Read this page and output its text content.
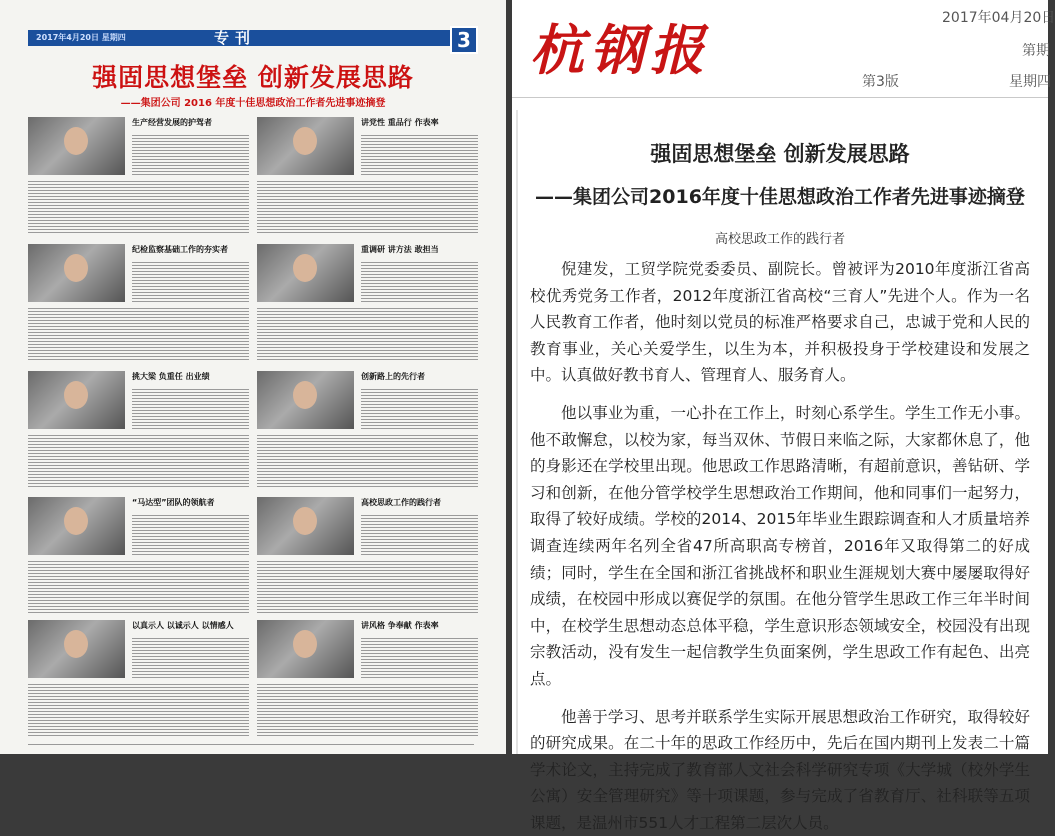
2017年4月20日 星期四	专刊	3
强固思想堡垒 创新发展思路
——集团公司 2016 年度十佳思想政治工作者先进事迹摘登
生产经营发展的护驾者	讲党性 重品行 作表率
纪检监察基础工作的夯实者	重调研 讲方法 敢担当
挑大梁 负重任 出业绩	创新路上的先行者
“马达型”团队的领航者	高校思政工作的践行者
以真示人 以诚示人 以情感人	讲风格 争奉献 作表率
杭钢报	2017年04月20日
第期
第3版	星期四
强固思想堡垒 创新发展思路
——集团公司2016年度十佳思想政治工作者先进事迹摘登
高校思政工作的践行者

倪建发，工贸学院党委委员、副院长。曾被评为2010年度浙江省高校优秀党务工作者，2012年度浙江省高校“三育人”先进个人。作为一名人民教育工作者，他时刻以党员的标准严格要求自己，忠诚于党和人民的教育事业，关心关爱学生，以生为本，并积极投身于学校建设和发展之中。认真做好教书育人、管理育人、服务育人。

他以事业为重，一心扑在工作上，时刻心系学生。学生工作无小事。他不敢懈怠，以校为家，每当双休、节假日来临之际，大家都休息了，他的身影还在学校里出现。他思政工作思路清晰，有超前意识，善钻研、学习和创新，在他分管学校学生思想政治工作期间，他和同事们一起努力，取得了较好成绩。学校的2014、2015年毕业生跟踪调查和人才质量培养调查连续两年名列全省47所高职高专榜首，2016年又取得第二的好成绩；同时，学生在全国和浙江省挑战杯和职业生涯规划大赛中屡屡取得好成绩，在校园中形成以赛促学的氛围。在他分管学生思政工作三年半时间中，在校学生思想动态总体平稳，学生意识形态领域安全，校园没有出现宗教活动，没有发生一起信教学生负面案例，学生思政工作有起色、出亮点。

他善于学习、思考并联系学生实际开展思想政治工作研究，取得较好的研究成果。在二十年的思政工作经历中，先后在国内期刊上发表二十篇学术论文，主持完成了教育部人文社会科学研究专项《大学城（校外学生公寓）安全管理研究》等十项课题，参与完成了省教育厅、社科联等五项课题，是温州市551人才工程第二层次人员。
